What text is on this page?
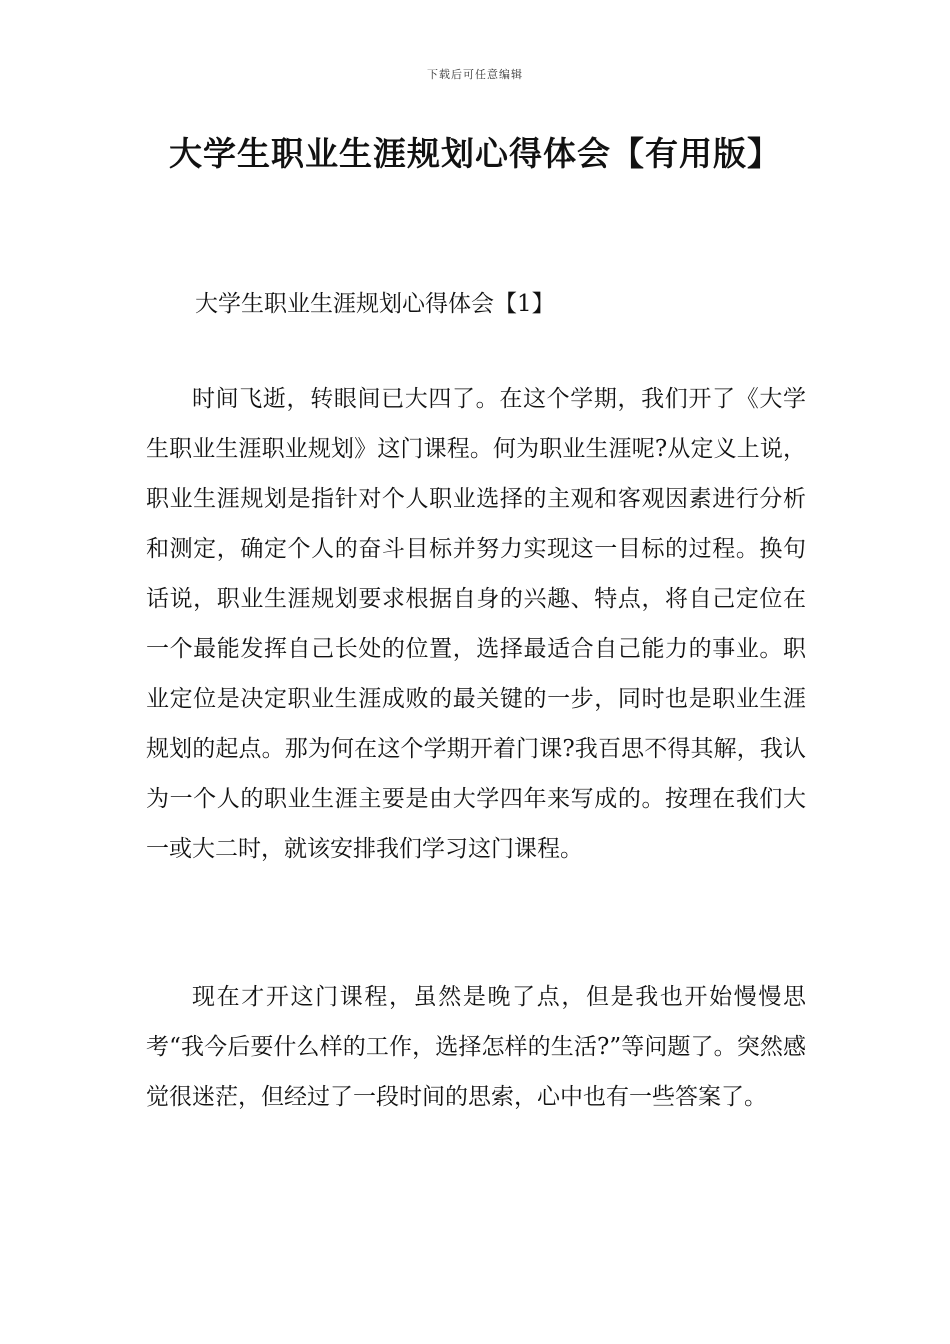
下载后可任意编辑
大学生职业生涯规划心得体会【有用版】

大学生职业生涯规划心得体会【1】

时间飞逝，转眼间已大四了。在这个学期，我们开了《大学生职业生涯职业规划》这门课程。何为职业生涯呢?从定义上说，职业生涯规划是指针对个人职业选择的主观和客观因素进行分析和测定，确定个人的奋斗目标并努力实现这一目标的过程。换句话说，职业生涯规划要求根据自身的兴趣、特点，将自己定位在一个最能发挥自己长处的位置，选择最适合自己能力的事业。职业定位是决定职业生涯成败的最关键的一步，同时也是职业生涯规划的起点。那为何在这个学期开着门课?我百思不得其解，我认为一个人的职业生涯主要是由大学四年来写成的。按理在我们大一或大二时，就该安排我们学习这门课程。

现在才开这门课程，虽然是晚了点，但是我也开始慢慢思考“我今后要什么样的工作，选择怎样的生活?”等问题了。突然感觉很迷茫，但经过了一段时间的思索，心中也有一些答案了。
